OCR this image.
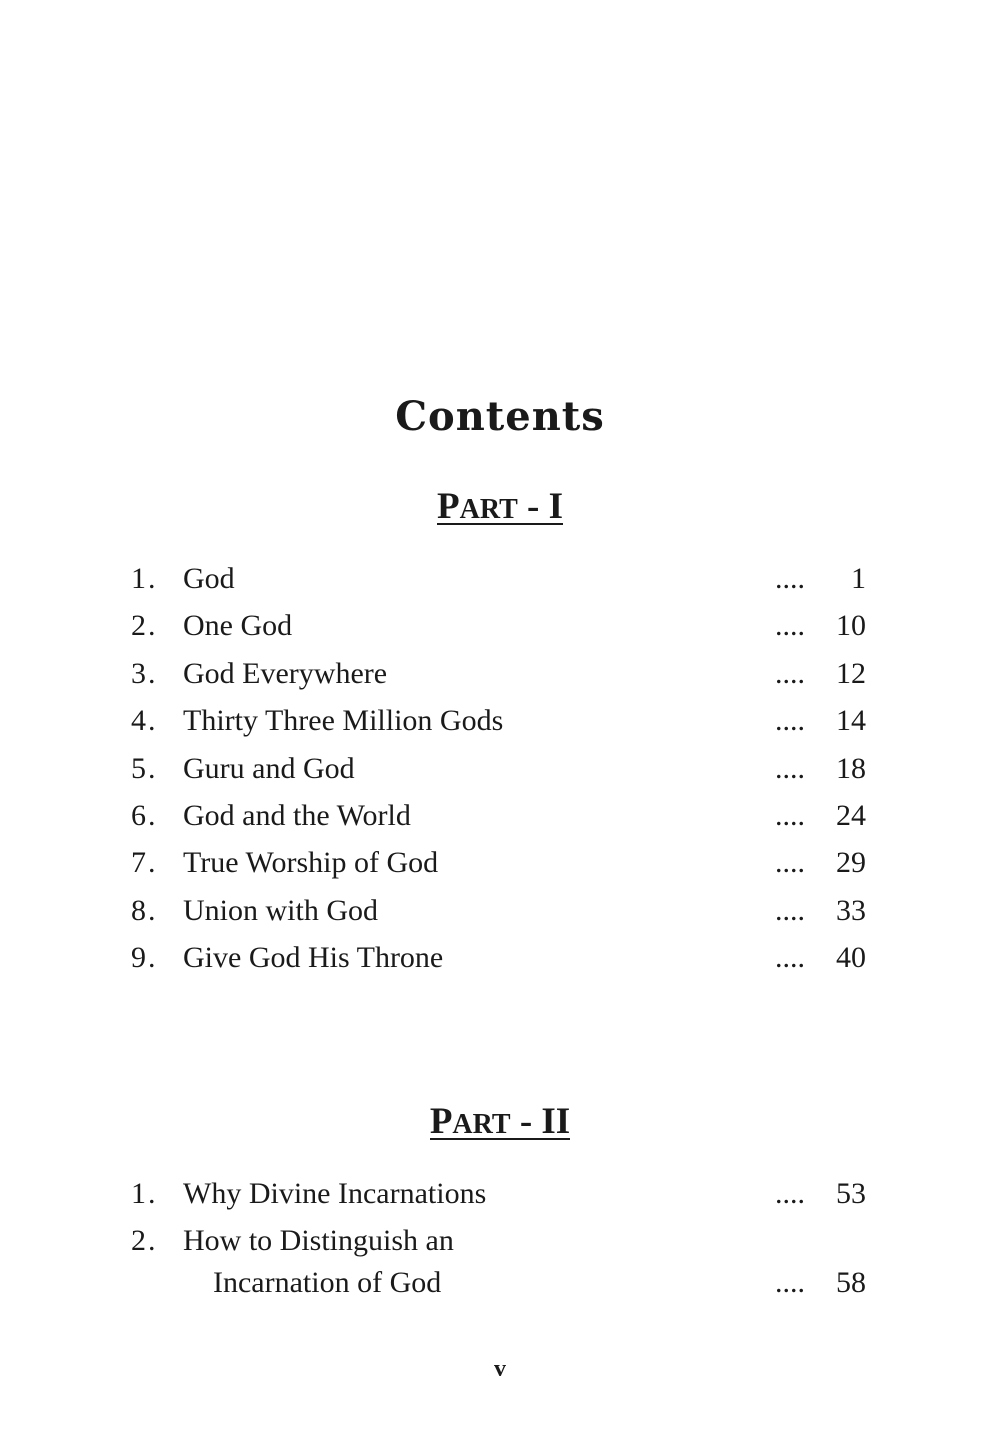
Contents
PART - I
1. God	.... 1
2. One God	.... 10
3. God Everywhere	.... 12
4. Thirty Three Million Gods	.... 14
5. Guru and God	.... 18
6. God and the World	.... 24
7. True Worship of God	.... 29
8. Union with God	.... 33
9. Give God His Throne	.... 40
PART - II
1. Why Divine Incarnations	.... 53
2. How to Distinguish an
Incarnation of God	.... 58
v
